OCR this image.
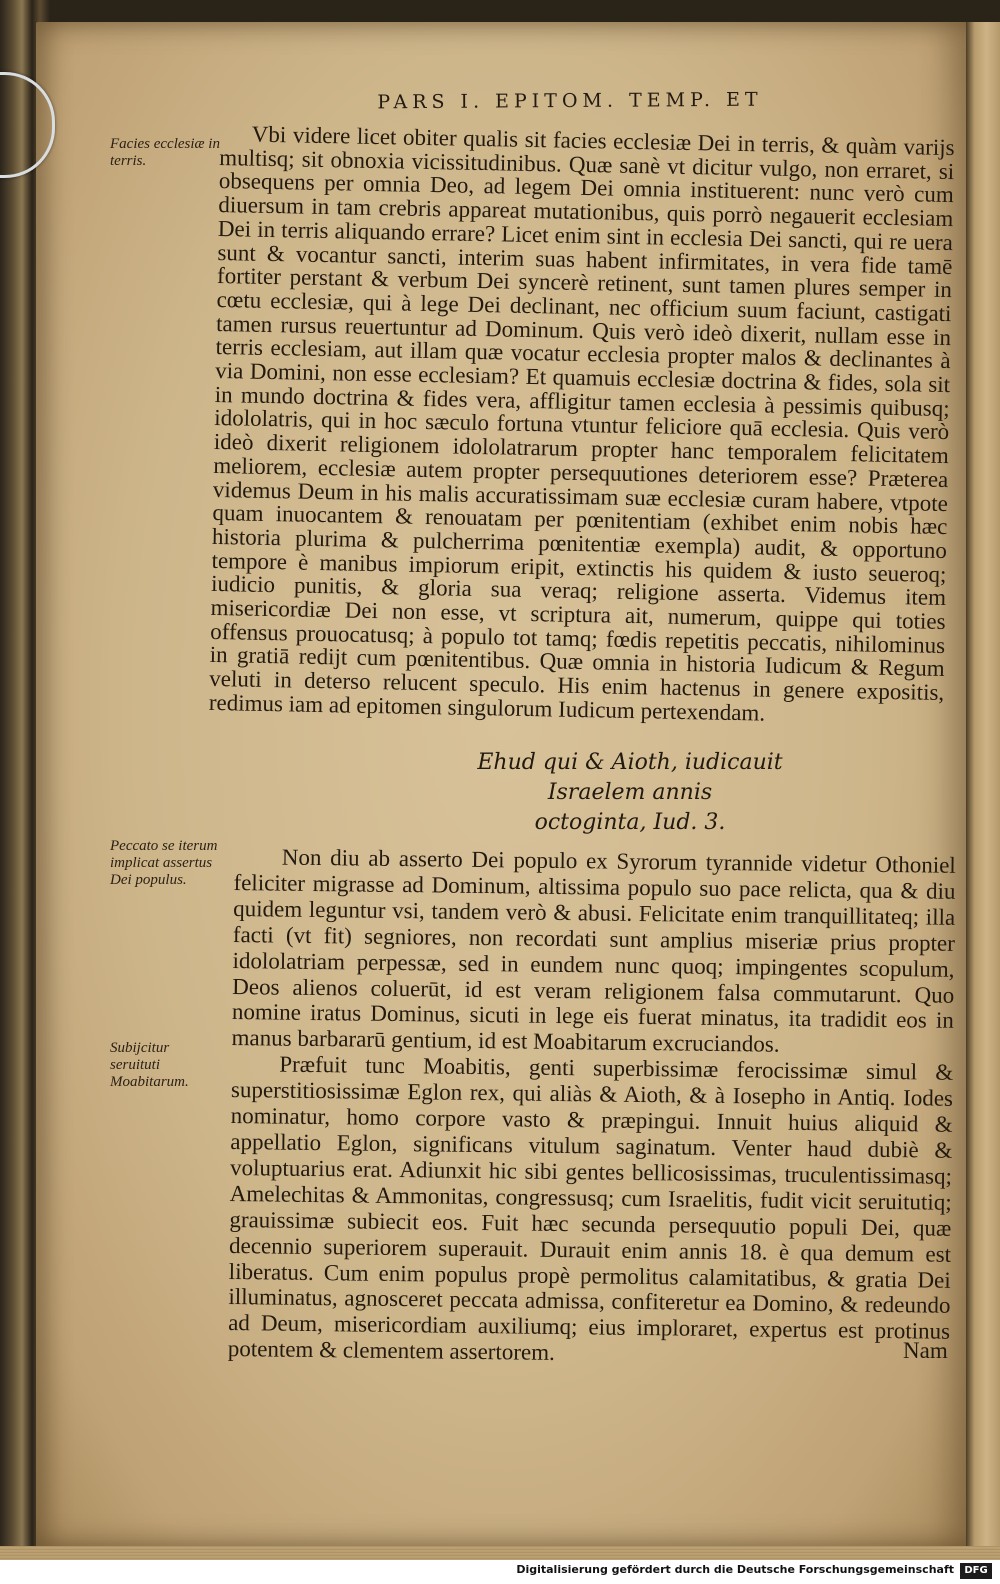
PARS I. EPITOM. TEMP. ET
Facies ecclesiæ in terris.
Peccato se iterum implicat assertus Dei populus.
Subijcitur seruituti Moabitarum.

Vbi videre licet obiter qualis sit facies ecclesiæ Dei in terris, & quàm varijs multisq; sit obnoxia vicissitudinibus. Quæ sanè vt dicitur vulgo, non erraret, si obsequens per omnia Deo, ad legem Dei omnia instituerent: nunc verò cum diuersum in tam crebris appareat mutationibus, quis porrò negauerit ecclesiam Dei in terris aliquando errare? Licet enim sint in ecclesia Dei sancti, qui re uera sunt & vocantur sancti, interim suas habent infirmitates, in vera fide tamē fortiter perstant & verbum Dei syncerè retinent, sunt tamen plures semper in cœtu ecclesiæ, qui à lege Dei declinant, nec officium suum faciunt, castigati tamen rursus reuertuntur ad Dominum. Quis verò ideò dixerit, nullam esse in terris ecclesiam, aut illam quæ vocatur ecclesia propter malos & declinantes à via Domini, non esse ecclesiam? Et quamuis ecclesiæ doctrina & fides, sola sit in mundo doctrina & fides vera, affligitur tamen ecclesia à pessimis quibusq; idololatris, qui in hoc sæculo fortuna vtuntur feliciore quā ecclesia. Quis verò ideò dixerit religionem idololatrarum propter hanc temporalem felicitatem meliorem, ecclesiæ autem propter persequutiones deteriorem esse? Præterea videmus Deum in his malis accuratissimam suæ ecclesiæ curam habere, vtpote quam inuocantem & renouatam per pœnitentiam (exhibet enim nobis hæc historia plurima & pulcherrima pœnitentiæ exempla) audit, & opportuno tempore è manibus impiorum eripit, extinctis his quidem & iusto seueroq; iudicio punitis, & gloria sua veraq; religione asserta. Videmus item misericordiæ Dei non esse, vt scriptura ait, numerum, quippe qui toties offensus prouocatusq; à populo tot tamq; fœdis repetitis peccatis, nihilominus in gratiā redijt cum pœnitentibus. Quæ omnia in historia Iudicum & Regum veluti in deterso relucent speculo. His enim hactenus in genere expositis, redimus iam ad epitomen singulorum Iudicum pertexendam.

Ehud qui & Aioth, iudicauit Israelem annis
octoginta, Iud. 3.

Non diu ab asserto Dei populo ex Syrorum tyrannide videtur Othoniel feliciter migrasse ad Dominum, altissima populo suo pace relicta, qua & diu quidem leguntur vsi, tandem verò & abusi. Felicitate enim tranquillitateq; illa facti (vt fit) segniores, non recordati sunt amplius miseriæ prius propter idololatriam perpessæ, sed in eundem nunc quoq; impingentes scopulum, Deos alienos coluerūt, id est veram religionem falsa commutarunt. Quo nomine iratus Dominus, sicuti in lege eis fuerat minatus, ita tradidit eos in manus barbararū gentium, id est Moabitarum excruciandos.

Præfuit tunc Moabitis, genti superbissimæ ferocissimæ simul & superstitiosissimæ Eglon rex, qui aliàs & Aioth, & à Iosepho in Antiq. Iodes nominatur, homo corpore vasto & præpingui. Innuit huius aliquid & appellatio Eglon, significans vitulum saginatum. Venter haud dubiè & voluptuarius erat. Adiunxit hic sibi gentes bellicosissimas, truculentissimasq; Amelechitas & Ammonitas, congressusq; cum Israelitis, fudit vicit seruitutiq; grauissimæ subiecit eos. Fuit hæc secunda persequutio populi Dei, quæ decennio superiorem superauit. Durauit enim annis 18. è qua demum est liberatus. Cum enim populus propè permolitus calamitatibus, & gratia Dei illuminatus, agnosceret peccata admissa, confiteretur ea Domino, & redeundo ad Deum, misericordiam auxiliumq; eius imploraret, expertus est protinus potentem & clementem assertorem.	Nam
Digitalisierung gefördert durch die Deutsche Forschungsgemeinschaft	DFG
